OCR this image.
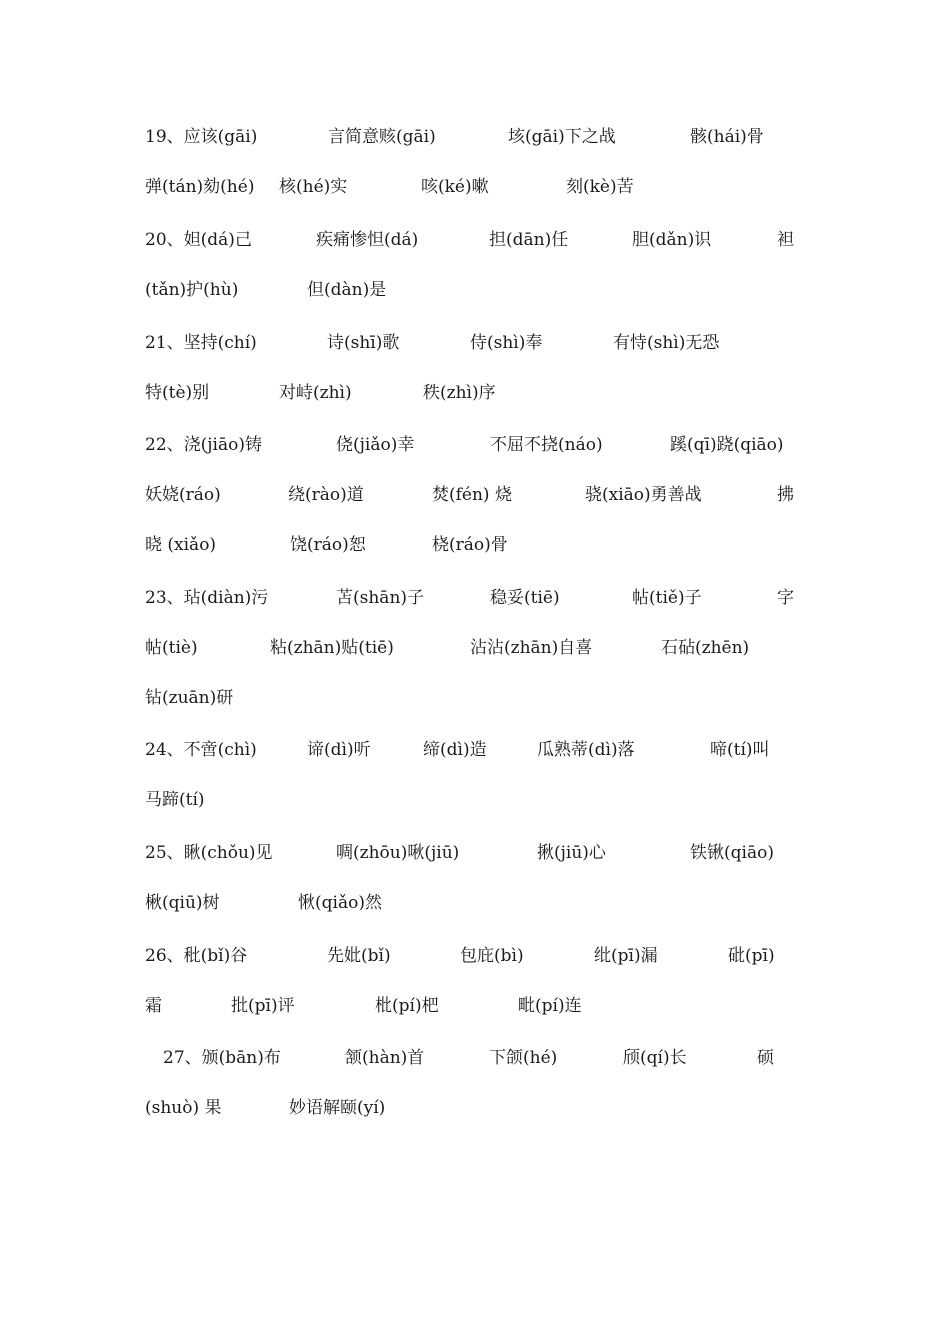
19、应该(gāi)	言简意赅(gāi)	垓(gāi)下之战	骸(hái)骨
弹(tán)劾(hé) 核(hé)实	咳(ké)嗽	刻(kè)苦
20、妲(dá)己	疾痛惨怛(dá)	担(dān)任	胆(dǎn)识	袒
(tǎn)护(hù)	但(dàn)是
21、坚持(chí)	诗(shī)歌	侍(shì)奉	有恃(shì)无恐
特(tè)别	对峙(zhì)	秩(zhì)序
22、浇(jiāo)铸	侥(jiǎo)幸	不屈不挠(náo)	蹊(qī)跷(qiāo)
妖娆(ráo)	绕(rào)道	焚(fén) 烧	骁(xiāo)勇善战	拂
晓 (xiǎo)	饶(ráo)恕	桡(ráo)骨
23、玷(diàn)污	苫(shān)子	稳妥(tiē)	帖(tiě)子	字
帖(tiè)	粘(zhān)贴(tiē)	沾沾(zhān)自喜	石砧(zhēn)
钻(zuān)研
24、不啻(chì)	谛(dì)听	缔(dì)造	瓜熟蒂(dì)落	啼(tí)叫
马蹄(tí)
25、瞅(chǒu)见	啁(zhōu)啾(jiū)	揪(jiū)心	铁锹(qiāo)
楸(qiū)树	愀(qiǎo)然
26、秕(bǐ)谷	先妣(bǐ)	包庇(bì)	纰(pī)漏	砒(pī)
霜	批(pī)评	枇(pí)杷	毗(pí)连
27、颁(bān)布	颔(hàn)首	下颌(hé)	颀(qí)长	硕
(shuò) 果	妙语解颐(yí)
